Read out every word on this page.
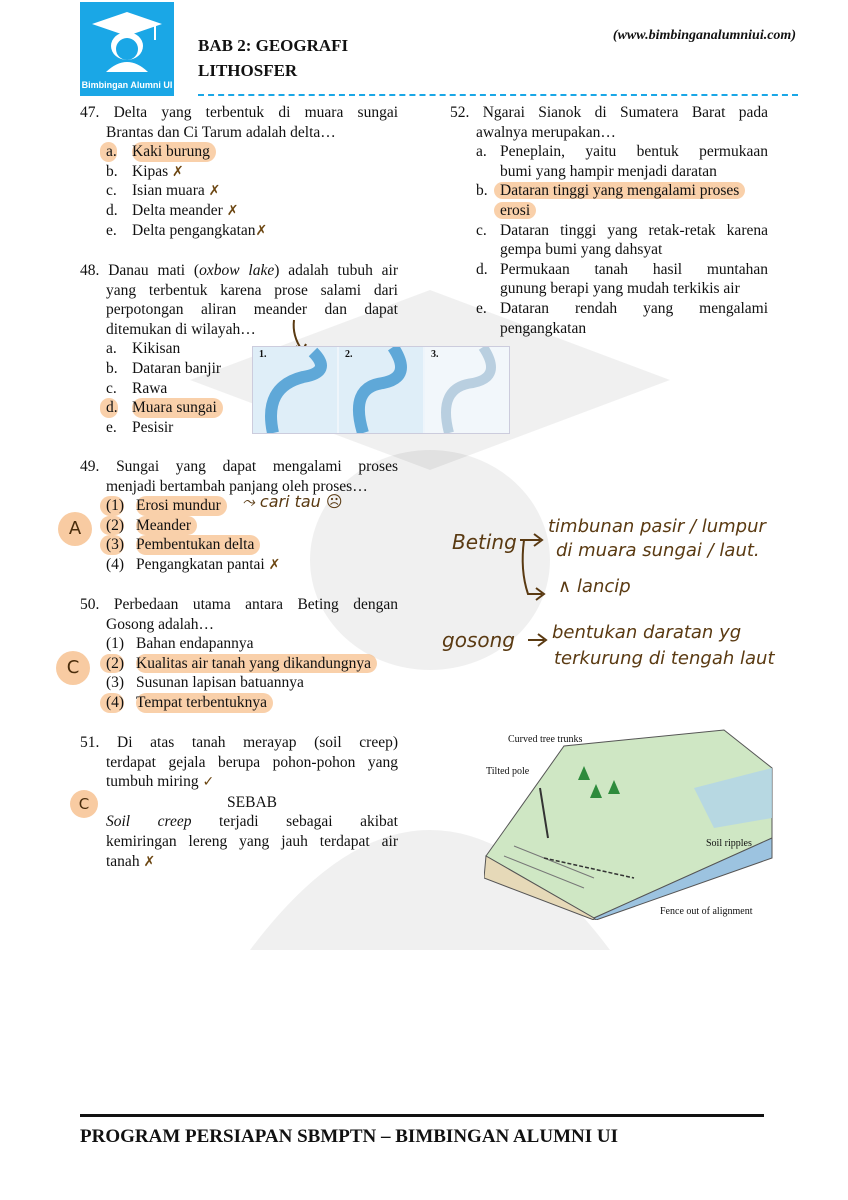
Bimbingan Alumni UI
BAB 2: GEOGRAFI
LITHOSFER
(www.bimbinganalumniui.com)
47. Delta yang terbentuk di muara sungai
Brantas dan Ci Tarum adalah delta…
a. Kaki burung
b. Kipas ✗
c. Isian muara ✗
d. Delta meander ✗
e. Delta pengangkatan✗
48. Danau mati (oxbow lake) adalah tubuh air
yang terbentuk karena prose salami dari
perpotongan aliran meander dan dapat
ditemukan di wilayah…
a. Kikisan
b. Dataran banjir
c. Rawa
d. Muara sungai
e. Pesisir
1.	2.	3.
49. Sungai yang dapat mengalami proses
menjadi bertambah panjang oleh proses…
(1) Erosi mundur
(2) Meander
(3) Pembentukan delta
(4) Pengangkatan pantai ✗
⤳ cari tau ☹
A
50. Perbedaan utama antara Beting dengan
Gosong adalah…
(1) Bahan endapannya
(2) Kualitas air tanah yang dikandungnya
(3) Susunan lapisan batuannya
(4) Tempat terbentuknya
C
51. Di atas tanah merayap (soil creep)
terdapat gejala berupa pohon-pohon yang
tumbuh miring ✓
SEBAB
Soil creep terjadi sebagai akibat
kemiringan lereng yang jauh terdapat air
tanah ✗
C
52. Ngarai Sianok di Sumatera Barat pada
awalnya merupakan…
a. Peneplain, yaitu bentuk permukaan
bumi yang hampir menjadi daratan
b. Dataran tinggi yang mengalami proses
erosi
c. Dataran tinggi yang retak-retak karena
gempa bumi yang dahsyat
d. Permukaan tanah hasil muntahan
gunung berapi yang mudah terkikis air
e. Dataran rendah yang mengalami
pengangkatan
Beting
timbunan pasir / lumpur
di muara sungai / laut.
∧ lancip
gosong bentukan daratan yg
terkurung di tengah laut
Curved tree trunks
Tilted pole
Soil ripples
Fence out of alignment
PROGRAM PERSIAPAN SBMPTN – BIMBINGAN ALUMNI UI
